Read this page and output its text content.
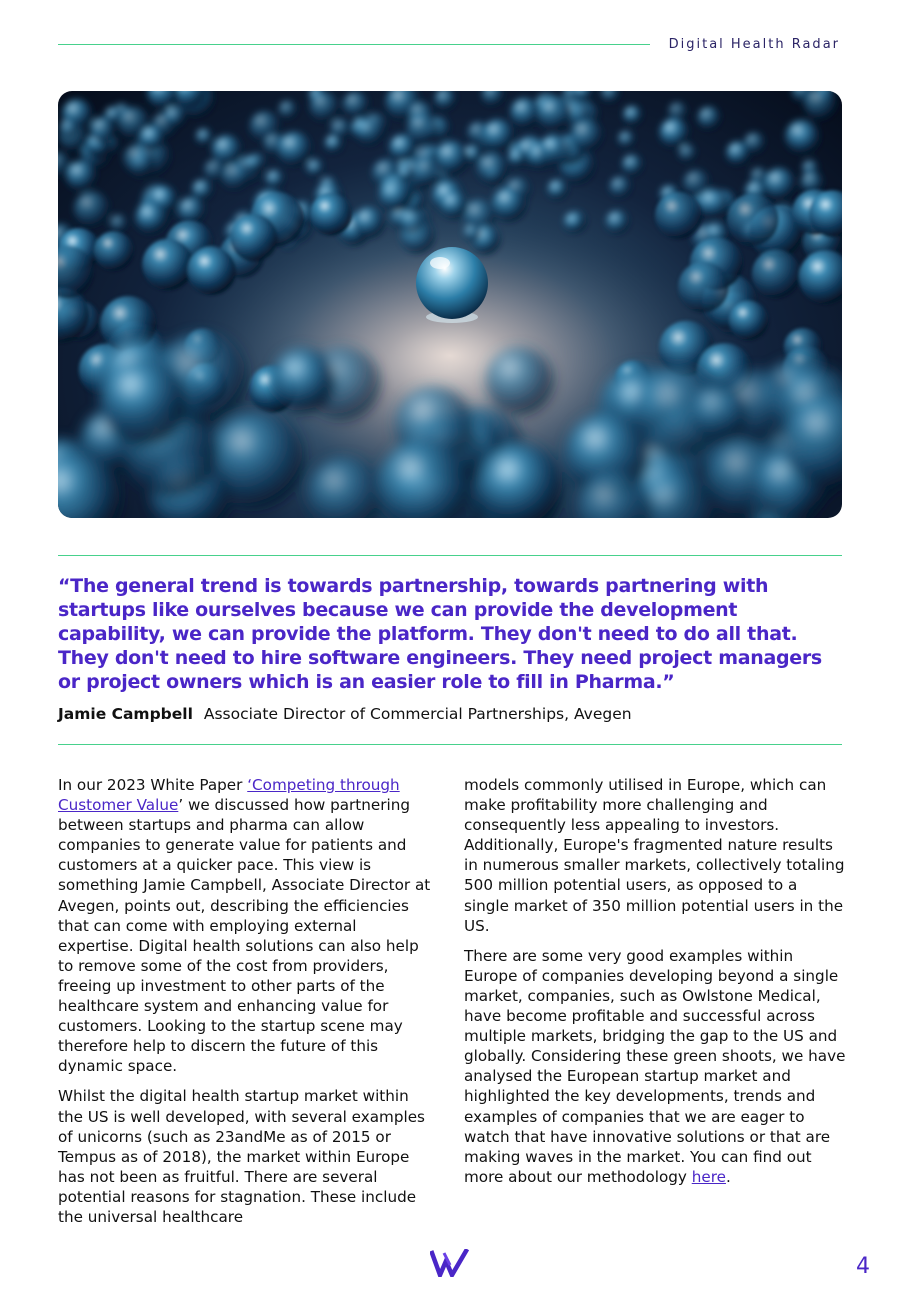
Digital Health Radar

“The general trend is towards partnership, towards partnering with startups like ourselves because we can provide the development capability, we can provide the platform. They don't need to do all that. They don't need to hire software engineers. They need project managers or project owners which is an easier role to fill in Pharma.”

Jamie Campbell Associate Director of Commercial Partnerships, Avegen

In our 2023 White Paper ‘Competing through Customer Value’ we discussed how partnering between startups and pharma can allow companies to generate value for patients and customers at a quicker pace. This view is something Jamie Campbell, Associate Director at Avegen, points out, describing the efficiencies that can come with employing external expertise. Digital health solutions can also help to remove some of the cost from providers, freeing up investment to other parts of the healthcare system and enhancing value for customers. Looking to the startup scene may therefore help to discern the future of this dynamic space.

Whilst the digital health startup market within the US is well developed, with several examples of unicorns (such as 23andMe as of 2015 or Tempus as of 2018), the market within Europe has not been as fruitful. There are several potential reasons for stagnation. These include the universal healthcare

models commonly utilised in Europe, which can make profitability more challenging and consequently less appealing to investors. Additionally, Europe's fragmented nature results in numerous smaller markets, collectively totaling 500 million potential users, as opposed to a single market of 350 million potential users in the US.

There are some very good examples within Europe of companies developing beyond a single market, companies, such as Owlstone Medical, have become profitable and successful across multiple markets, bridging the gap to the US and globally. Considering these green shoots, we have analysed the European startup market and highlighted the key developments, trends and examples of companies that we are eager to watch that have innovative solutions or that are making waves in the market. You can find out more about our methodology here.

4
